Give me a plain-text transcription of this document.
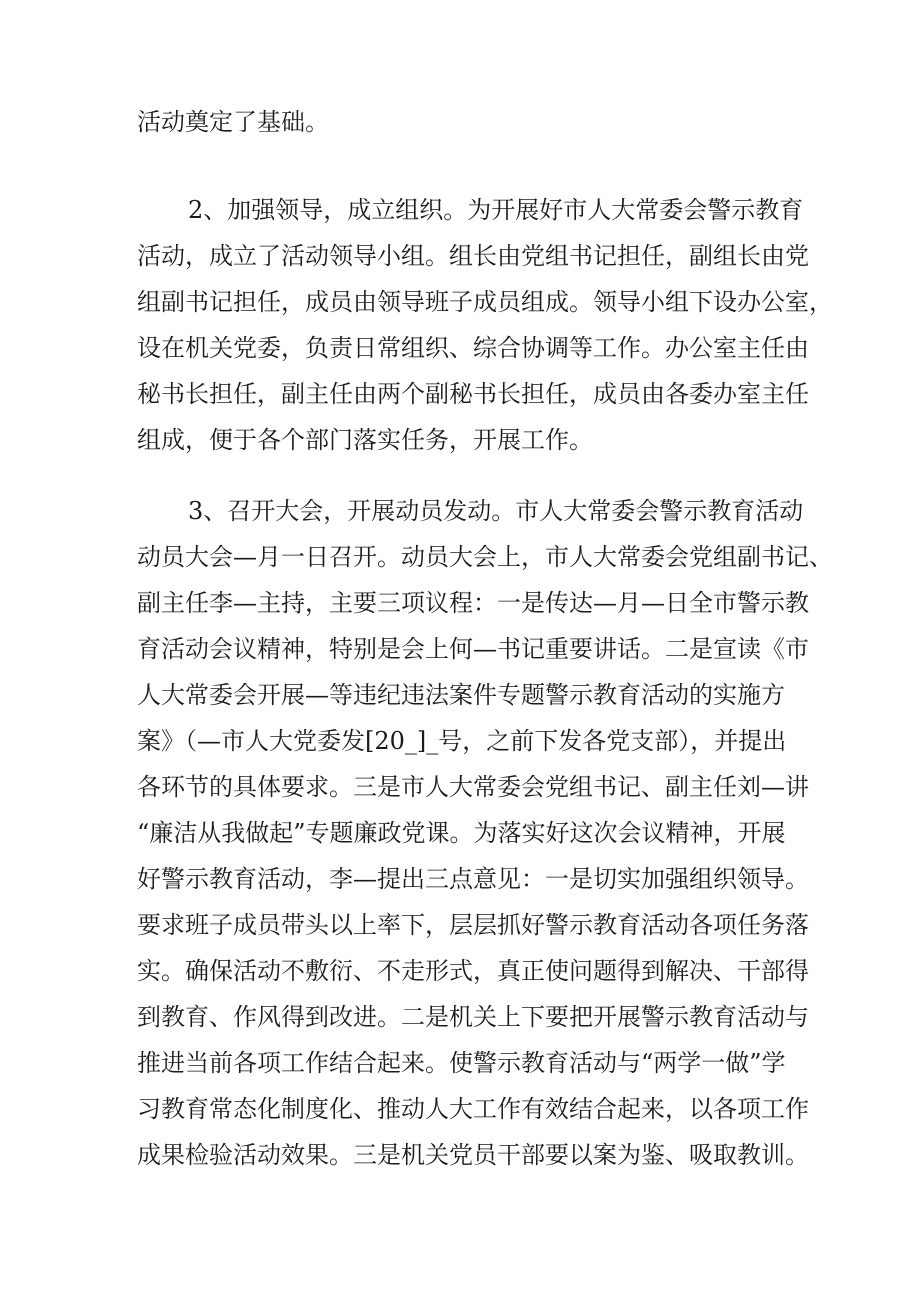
活动奠定了基础。
2、加强领导，成立组织。为开展好市人大常委会警示教育
活动，成立了活动领导小组。组长由党组书记担任，副组长由党
组副书记担任，成员由领导班子成员组成。领导小组下设办公室，
设在机关党委，负责日常组织、综合协调等工作。办公室主任由
秘书长担任，副主任由两个副秘书长担任，成员由各委办室主任
组成，便于各个部门落实任务，开展工作。
3、召开大会，开展动员发动。市人大常委会警示教育活动
动员大会—月一日召开。动员大会上，市人大常委会党组副书记、
副主任李—主持，主要三项议程：一是传达—月—日全市警示教
育活动会议精神，特别是会上何—书记重要讲话。二是宣读《市
人大常委会开展—等违纪违法案件专题警示教育活动的实施方
案》（—市人大党委发[20_]_号，之前下发各党支部），并提出
各环节的具体要求。三是市人大常委会党组书记、副主任刘—讲
“廉洁从我做起”专题廉政党课。为落实好这次会议精神，开展
好警示教育活动，李—提出三点意见：一是切实加强组织领导。
要求班子成员带头以上率下，层层抓好警示教育活动各项任务落
实。确保活动不敷衍、不走形式，真正使问题得到解决、干部得
到教育、作风得到改进。二是机关上下要把开展警示教育活动与
推进当前各项工作结合起来。使警示教育活动与“两学一做”学
习教育常态化制度化、推动人大工作有效结合起来，以各项工作
成果检验活动效果。三是机关党员干部要以案为鉴、吸取教训。
